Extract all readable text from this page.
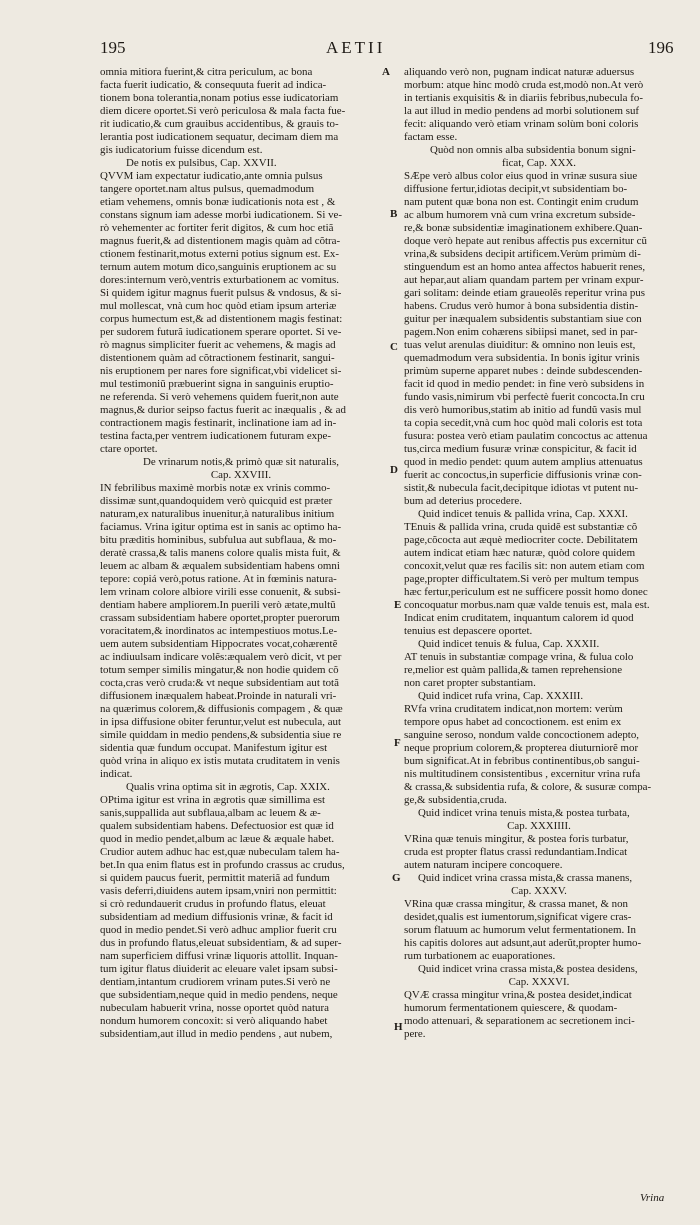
195	AETII	196
omnia mitiora fuerint,& citra periculum, ac bona
facta fuerit iudicatio, & consequuta fuerit ad indica-
tionem bona tolerantia,nonam potius esse iudicatoriam
diem dicere oportet.Si verò periculosa & mala facta fue-
rit iudicatio,& cum grauibus accidentibus, & grauis to-
lerantia post iudicationem sequatur, decimam diem ma
gis iudicatorium fuisse dicendum est.
De notis ex pulsibus, Cap. XXVII.
QVVM iam expectatur iudicatio,ante omnia pulsus
tangere oportet.nam altus pulsus, quemadmodum
etiam vehemens, omnis bonæ iudicationis nota est , &
constans signum iam adesse morbi iudicationem. Si ve-
rò vehementer ac fortiter ferit digitos, & cum hoc etiã
magnus fuerit,& ad distentionem magis quàm ad cõtra-
ctionem festinarit,motus externi potius signum est. Ex-
ternum autem motum dico,sanguinis eruptionem ac su
dores:internum verò,ventris exturbationem ac vomitus.
Si quidem igitur magnus fuerit pulsus & vndosus, & si-
mul mollescat, vnà cum hoc quòd etiam ipsum arteriæ
corpus humectum est,& ad distentionem magis festinat:
per sudorem futurã iudicationem sperare oportet. Si ve-
rò magnus simpliciter fuerit ac vehemens, & magis ad
distentionem quàm ad cõtractionem festinarit, sangui-
nis eruptionem per nares fore significat,vbi videlicet si-
mul testimoniũ præbuerint signa in sanguinis eruptio-
ne referenda. Si verò vehemens quidem fuerit,non aute
magnus,& durior seipso factus fuerit ac inæqualis , & ad
contractionem magis festinarit, inclinatione iam ad in-
testina facta,per ventrem iudicationem futuram expe-
ctare oportet.
De vrinarum notis,& primò quæ sit naturalis,
Cap. XXVIII.
IN febrilibus maximè morbis notæ ex vrinis commo-
dissimæ sunt,quandoquidem verò quicquid est præter
naturam,ex naturalibus inuenitur,à naturalibus initium
faciamus. Vrina igitur optima est in sanis ac optimo ha-
bitu præditis hominibus, subfulua aut subflaua, & mo-
deratè crassa,& talis manens colore qualis mista fuit, &
leuem ac albam & æqualem subsidentiam habens omni
tepore: copiá verò,potus ratione. At in fœminis natura-
lem vrinam colore albiore virili esse conuenit, & subsi-
dentiam habere ampliorem.In puerili verò ætate,multũ
crassam subsidentiam habere oportet,propter puerorum
voracitatem,& inordinatos ac intempestiuos motus.Le-
uem autem subsidentiam Hippocrates vocat,cohærentẽ
ac indiuulsam indicare volẽs:æqualem verò dicit, vt per
totum semper similis mingatur,& non hodie quidem cõ
cocta,cras verò cruda:& vt neque subsidentiam aut totã
diffusionem inæqualem habeat.Proinde in naturali vri-
na quærimus colorem,& diffusionis compagem , & quæ
in ipsa diffusione obiter feruntur,velut est nubecula, aut
simile quiddam in medio pendens,& subsidentia siue re
sidentia quæ fundum occupat. Manifestum igitur est
quòd vrina in aliquo ex istis mutata cruditatem in venis
indicat.
Qualis vrina optima sit in ægrotis, Cap. XXIX.
OPtima igitur est vrina in ægrotis quæ simillima est
sanis,suppallida aut subflaua,albam ac leuem & æ-
qualem subsidentiam habens. Defectuosior est quæ id
quod in medio pendet,album ac læue & æquale habet.
Crudior autem adhuc hac est,quæ nubeculam talem ha-
bet.In qua enim flatus est in profundo crassus ac crudus,
si quidem paucus fuerit, permittit materiã ad fundum
vasis deferri,diuidens autem ipsam,vniri non permittit:
si crò redundauerit crudus in profundo flatus, eleuat
subsidentiam ad medium diffusionis vrinæ, & facit id
quod in medio pendet.Si verò adhuc amplior fuerit cru
dus in profundo flatus,eleuat subsidentiam, & ad super-
nam superficiem diffusi vrinæ liquoris attollit. Inquan-
tum igitur flatus diuiderit ac eleuare valet ipsam subsi-
dentiam,intantum crudiorem vrinam putes.Si verò ne
que subsidentiam,neque quid in medio pendens, neque
nubeculam habuerit vrina, nosse oportet quòd natura
nondum humorem concoxit: si verò aliquando habet
subsidentiam,aut illud in medio pendens , aut nubem,
aliquando verò non, pugnam indicat naturæ aduersus
morbum: atque hinc modò cruda est,modò non.At verò
in tertianis exquisitis & in diariis febribus,nubecula fo-
la aut illud in medio pendens ad morbi solutionem suf
fecit: aliquando verò etiam vrinam solùm boni coloris
factam esse.
Quòd non omnis alba subsidentia bonum signi-
ficat, Cap. XXX.
SÆpe verò albus color eius quod in vrinæ susura siue
diffusione fertur,idiotas decipit,vt subsidentiam bo-
nam putent quæ bona non est. Contingit enim crudum
ac album humorem vnà cum vrina excretum subside-
re,& bonæ subsidentiæ imaginationem exhibere.Quan-
doque verò hepate aut renibus affectis pus excernitur cũ
vrina,& subsidens decipit artificem.Verùm primùm di-
stinguendum est an homo antea affectos habuerit renes,
aut hepar,aut aliam quandam partem per vrinam expur-
gari solitam: deinde etiam graueolẽs reperitur vrina pus
habens. Crudus verò humor à bona subsidentia distin-
guitur per inæqualem subsidentis substantiam siue con
pagem.Non enim cohærens sibiipsi manet, sed in par-
tuas velut arenulas diuiditur: & omnino non leuis est,
quemadmodum vera subsidentia. In bonis igitur vrinis
primùm superne apparet nubes : deinde subdescenden-
facit id quod in medio pendet: in fine verò subsidens in
fundo vasis,nimirum vbi perfectè fuerit concocta.In cru
dis verò humoribus,statim ab initio ad fundũ vasis mul
ta copia secedit,vnà cum hoc quòd mali coloris est tota
fusura: postea verò etiam paulatim concoctus ac attenua
tus,circa medium fusuræ vrinæ conspicitur, & facit id
quod in medio pendet: quum autem amplius attenuatus
fuerit ac concoctus,in superficie diffusionis vrinæ con-
sistit,& nubecula facit,decipitque idiotas vt putent nu-
bum ad deterius procedere.
Quid indicet tenuis & pallida vrina, Cap. XXXI.
TEnuis & pallida vrina, cruda quidẽ est substantiæ cõ
page,cõcocta aut æquè mediocriter cocte. Debilitatem
autem indicat etiam hæc naturæ, quòd colore quidem
concoxit,velut quæ res facilis sit: non autem etiam com
page,propter difficultatem.Si verò per multum tempus
hæc fertur,periculum est ne sufficere possit homo donec
concoquatur morbus.nam quæ valde tenuis est, mala est.
Indicat enim cruditatem, inquantum calorem id quod
tenuius est depascere oportet.
Quid indicet tenuis & fulua, Cap. XXXII.
AT tenuis in substantiæ compage vrina, & fulua colo
re,melior est quàm pallida,& tamen reprehensione
non caret propter substantiam.
Quid indicet rufa vrina, Cap. XXXIII.
RVfa vrina cruditatem indicat,non mortem: verùm
tempore opus habet ad concoctionem. est enim ex
sanguine seroso, nondum valde concoctionem adepto,
neque proprium colorem,& propterea diuturniorẽ mor
bum significat.At in febribus continentibus,ob sangui-
nis multitudinem consistentibus , excernitur vrina rufa
& crassa,& subsidentia rufa, & colore, & susuræ compa-
ge,& subsidentia,cruda.
Quid indicet vrina tenuis mista,& postea turbata,
Cap. XXXIIII.
VRina quæ tenuis mingitur, & postea foris turbatur,
cruda est propter flatus crassi redundantiam.Indicat
autem naturam incipere concoquere.
Quid indicet vrina crassa mista,& crassa manens,
Cap. XXXV.
VRina quæ crassa mingitur, & crassa manet, & non
desidet,qualis est iumentorum,significat vigere cras-
sorum flatuum ac humorum velut fermentationem. In
his capitis dolores aut adsunt,aut aderũt,propter humo-
rum turbationem ac euaporationes.
Quid indicet vrina crassa mista,& postea desidens,
Cap. XXXVI.
QVÆ crassa mingitur vrina,& postea desidet,indicat
humorum fermentationem quiescere, & quodam-
modo attenuari, & separationem ac secretionem inci-
pere.
A
B
C
D
E
F
G
H
Vrina
